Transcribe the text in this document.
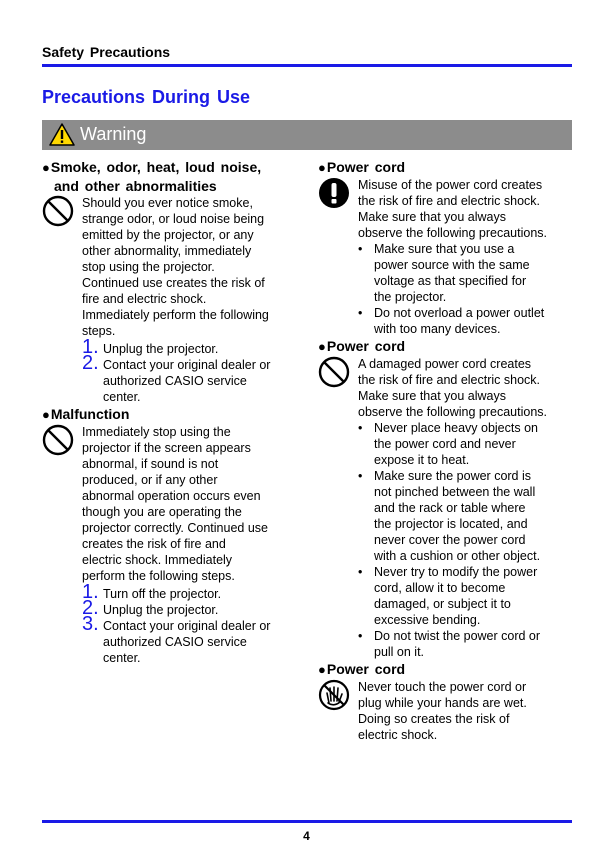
Safety Precautions
Precautions During Use
Warning
●Smoke, odor, heat, loud noise,
and other abnormalities

Should you ever notice smoke,
strange odor, or loud noise being
emitted by the projector, or any
other abnormality, immediately
stop using the projector.
Continued use creates the risk of
fire and electric shock.
Immediately perform the following
steps.

1. Unplug the projector.
2. Contact your original dealer or
authorized CASIO service
center.
●Malfunction

Immediately stop using the
projector if the screen appears
abnormal, if sound is not
produced, or if any other
abnormal operation occurs even
though you are operating the
projector correctly. Continued use
creates the risk of fire and
electric shock. Immediately
perform the following steps.

1. Turn off the projector.
2. Unplug the projector.
3. Contact your original dealer or
authorized CASIO service
center.
●Power cord

Misuse of the power cord creates
the risk of fire and electric shock.
Make sure that you always
observe the following precautions.

• Make sure that you use a
power source with the same
voltage as that specified for
the projector.
• Do not overload a power outlet
with too many devices.
●Power cord

A damaged power cord creates
the risk of fire and electric shock.
Make sure that you always
observe the following precautions.

• Never place heavy objects on
the power cord and never
expose it to heat.
• Make sure the power cord is
not pinched between the wall
and the rack or table where
the projector is located, and
never cover the power cord
with a cushion or other object.
• Never try to modify the power
cord, allow it to become
damaged, or subject it to
excessive bending.
• Do not twist the power cord or
pull on it.
●Power cord

Never touch the power cord or
plug while your hands are wet.
Doing so creates the risk of
electric shock.

4
